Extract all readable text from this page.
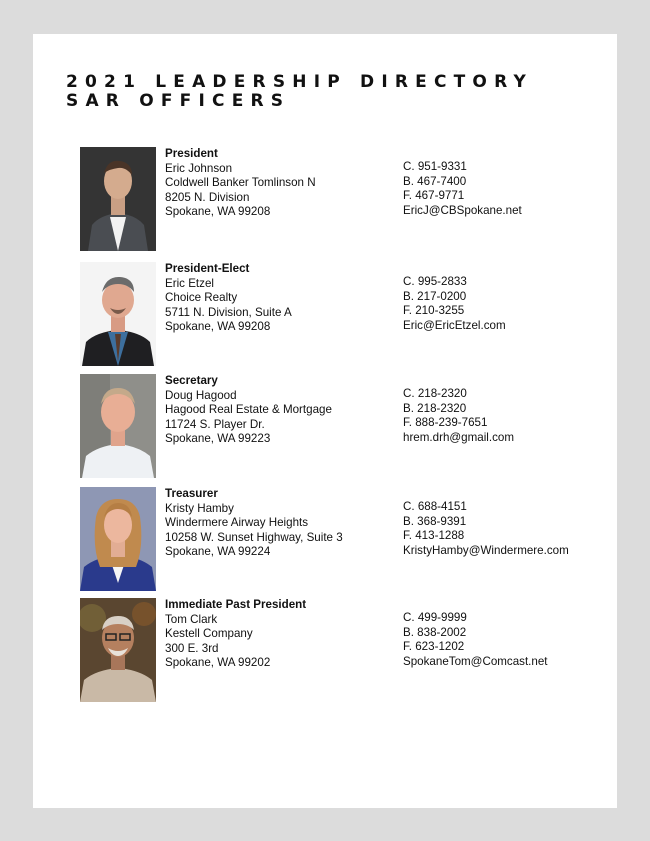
2021 LEADERSHIP DIRECTORY
SAR OFFICERS
President
Eric Johnson
Coldwell Banker Tomlinson N
8205 N. Division
Spokane, WA 99208
C. 951-9331
B. 467-7400
F. 467-9771
EricJ@CBSpokane.net
President-Elect
Eric Etzel
Choice Realty
5711 N. Division, Suite A
Spokane, WA 99208
C. 995-2833
B. 217-0200
F. 210-3255
Eric@EricEtzel.com
Secretary
Doug Hagood
Hagood Real Estate & Mortgage
11724 S. Player Dr.
Spokane, WA 99223
C. 218-2320
B. 218-2320
F. 888-239-7651
hrem.drh@gmail.com
Treasurer
Kristy Hamby
Windermere Airway Heights
10258 W. Sunset Highway, Suite 3
Spokane, WA 99224
C. 688-4151
B. 368-9391
F. 413-1288
KristyHamby@Windermere.com
Immediate Past President
Tom Clark
Kestell Company
300 E. 3rd
Spokane, WA 99202
C. 499-9999
B. 838-2002
F. 623-1202
SpokaneTom@Comcast.net
